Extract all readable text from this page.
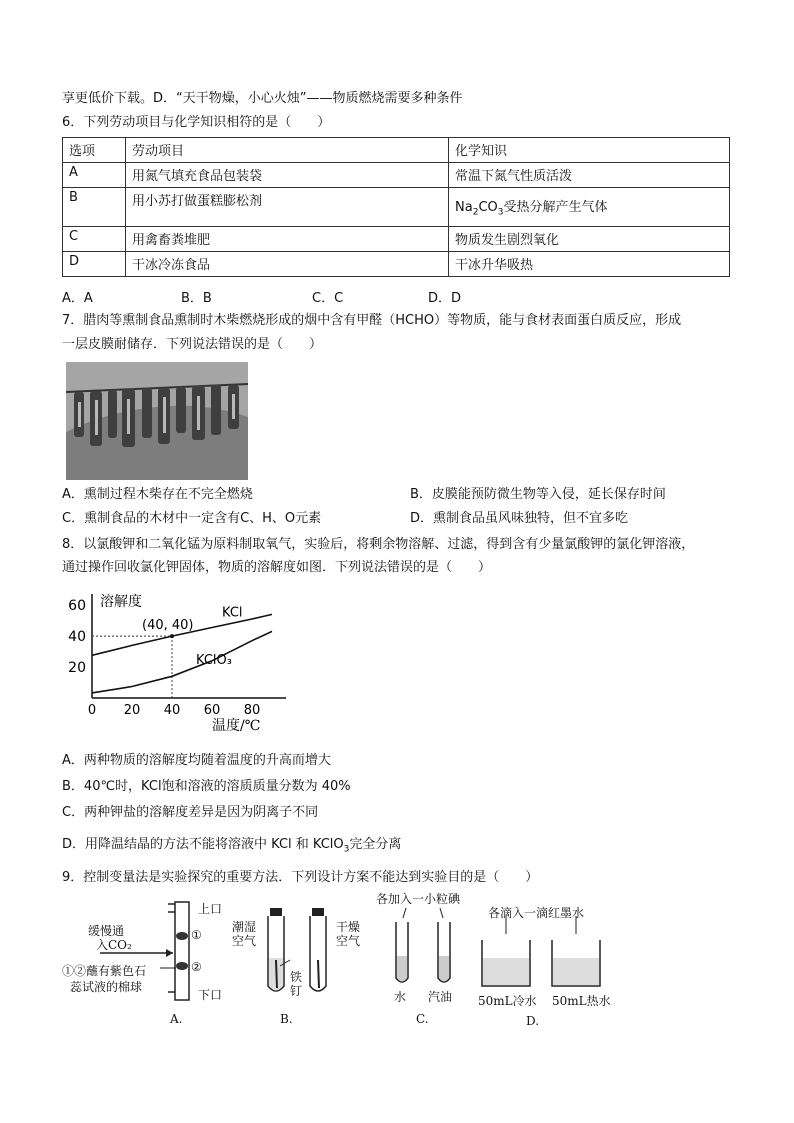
享更低价下载。D．“天干物燥，小心火烛”——物质燃烧需要多种条件
6．下列劳动项目与化学知识相符的是（　　）
选项	劳动项目	化学知识
A	用氮气填充食品包装袋	常温下氮气性质活泼
B	用小苏打做蛋糕膨松剂	$Na_2CO_3$受热分解产生气体
C	用禽畜粪堆肥	物质发生剧烈氧化
D	干冰冷冻食品	干冰升华吸热
A．A	B．B	C．C	D．D
7．腊肉等熏制食品熏制时木柴燃烧形成的烟中含有甲醛（HCHO）等物质，能与食材表面蛋白质反应，形成
一层皮膜耐储存．下列说法错误的是（　　）
A．熏制过程木柴存在不完全燃烧	B．皮膜能预防微生物等入侵，延长保存时间
C．熏制食品的木材中一定含有C、H、O元素	D．熏制食品虽风味独特，但不宜多吃
8．以氯酸钾和二氧化锰为原料制取氧气，实验后，将剩余物溶解、过滤，得到含有少量氯酸钾的氯化钾溶液，
通过操作回收氯化钾固体，物质的溶解度如图．下列说法错误的是（　　）
溶解度
温度/℃
0 20 40 60 80
20
40
60
(40, 40)
KCl
KClO₃
A．两种物质的溶解度均随着温度的升高而增大
B．40℃时，KCl饱和溶液的溶质质量分数为 40%
C．两种钾盐的溶解度差异是因为阴离子不同
D．用降温结晶的方法不能将溶液中 KCl 和 KClO$_3$完全分离
9．控制变量法是实验探究的重要方法．下列设计方案不能达到实验目的是（　　）
上口
下口
缓慢通
入CO₂
①
②
①②蘸有紫色石
蕊试液的棉球
A.
潮湿
空气
干燥
空气
铁
钉
B.
各加入一小粒碘
水 汽油
C.
各滴入一滴红墨水
50mL冷水 50mL热水
D.
